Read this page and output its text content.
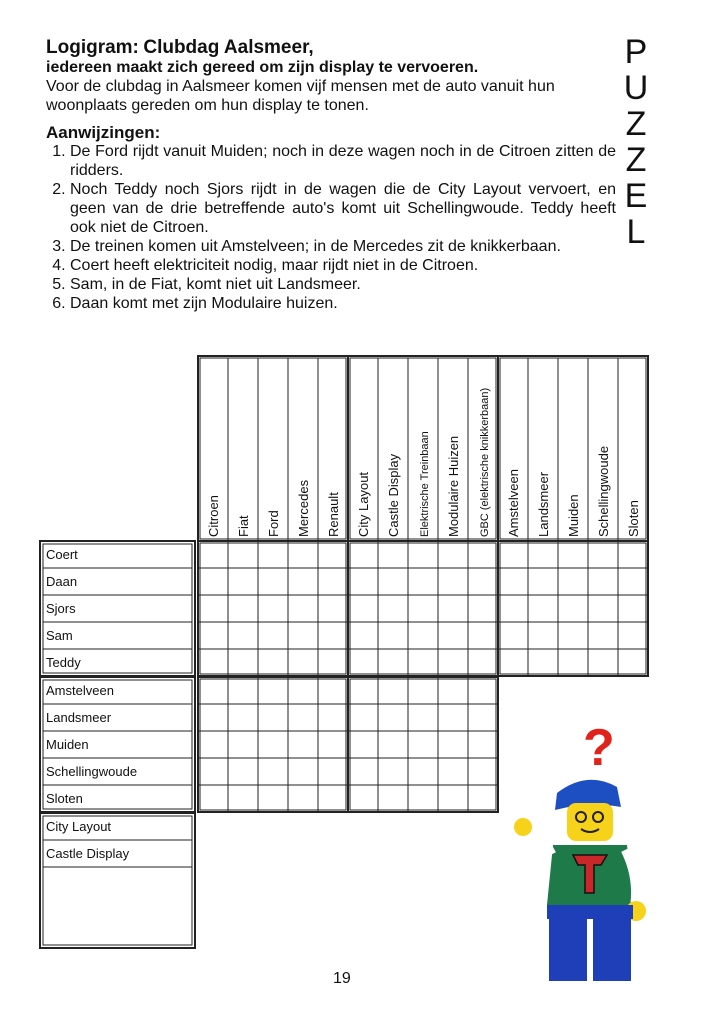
Logigram: Clubdag Aalsmeer,
iedereen maakt zich gereed om zijn display te vervoeren.

Voor de clubdag in Aalsmeer komen vijf mensen met de auto vanuit hun woonplaats gereden om hun display te tonen.

Aanwijzingen:
1. De Ford rijdt vanuit Muiden; noch in deze wagen noch in de Citroen zitten de ridders.
2. Noch Teddy noch Sjors rijdt in de wagen die de City Layout vervoert, en geen van de drie betreffende auto's komt uit Schellingwoude. Teddy heeft ook niet de Citroen.
3. De treinen komen uit Amstelveen; in de Mercedes zit de knikkerbaan.
4. Coert heeft elektriciteit nodig, maar rijdt niet in de Citroen.
5. Sam, in de Fiat, komt niet uit Landsmeer.
6. Daan komt met zijn Modulaire huizen.
P
U
Z
Z
E
L
Citroen Fiat Ford Mercedes Renault City Layout Castle Display Elektrische Treinbaan Modulaire Huizen GBC (elektrische knikkerbaan) Amstelveen Landsmeer Muiden Schellingwoude Sloten
Coert
Daan
Sjors
Sam
Teddy
Amstelveen
Landsmeer
Muiden
Schellingwoude
Sloten
City Layout
Castle Display
?
19
